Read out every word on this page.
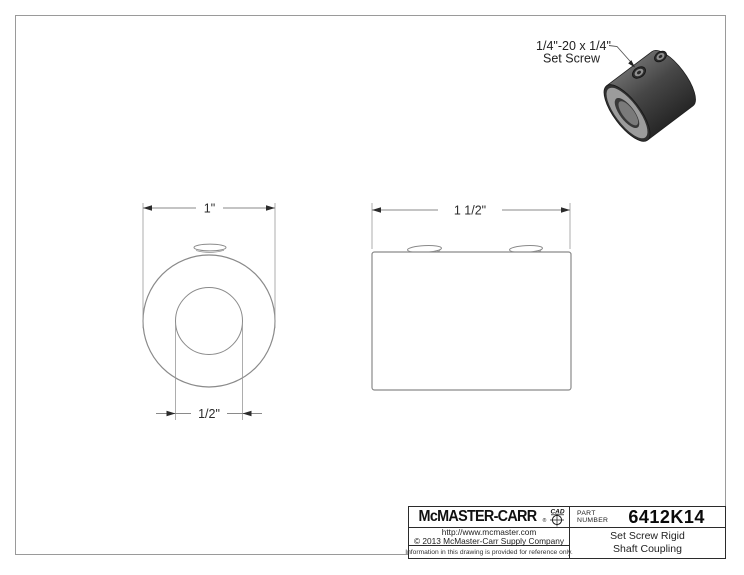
1"
1/2"
1 1/2"
1/4"-20 x 1/4"
Set Screw
McMASTER-CARR ®
CAD
http://www.mcmaster.com
© 2013 McMaster-Carr Supply Company
Information in this drawing is provided for reference only.
PART
NUMBER	6412K14
Set Screw Rigid
Shaft Coupling
